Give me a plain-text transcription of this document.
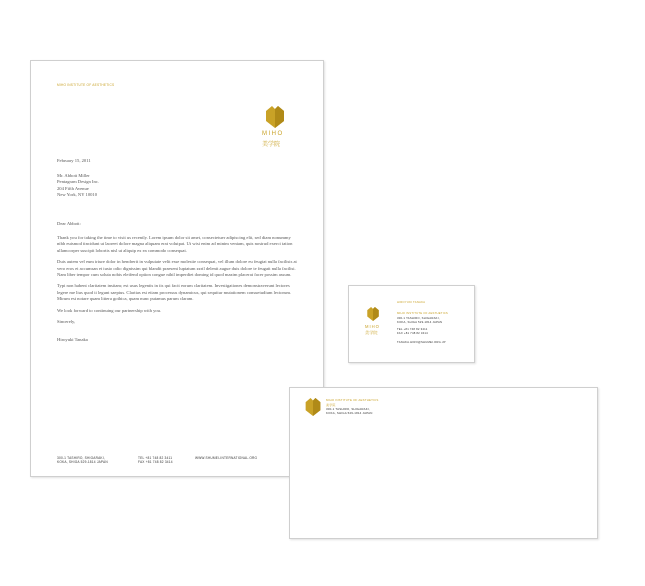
MIHO INSTITUTE OF AESTHETICS
MIHO
美学院
February 15, 2011
Mr. Abbott Miller
Pentagram Design Inc.
204 Fifth Avenue
New York, NY 10010
Dear Abbott:

Thank you for taking the time to visit us recently. Lorem ipsum dolor sit amet, consectetuer adipiscing elit, sed diam nonummy nibh euismod tincidunt ut laoreet dolore magna aliquam erat volutpat. Ut wisi enim ad minim veniam, quis nostrud exerci tation ullamcorper suscipit lobortis nisl ut aliquip ex ea commodo consequat.

Duis autem vel eum iriure dolor in hendrerit in vulputate velit esse molestie consequat, vel illum dolore eu feugiat nulla facilisis at vero eros et accumsan et iusto odio dignissim qui blandit praesent luptatum zzril delenit augue duis dolore te feugait nulla facilisi. Nam liber tempor cum soluta nobis eleifend option congue nihil imperdiet doming id quod mazim placerat facer possim assum.

Typi non habent claritatem insitam; est usus legentis in iis qui facit eorum claritatem. Investigationes demonstraverunt lectores legere me lius quod ii legunt saepius. Claritas est etiam processus dynamicus, qui sequitur mutationem consuetudium lectorum. Mirum est notare quam littera gothica, quam nunc putamus parum claram.

We look forward to continuing our partnership with you.

Sincerely,

Hiroyuki Tanaka

300-1 TASHIRO, SHIGARAKI,
KOKA, SHIGA 529-1814 JAPAN
TEL +81 748 82 3411
FAX +81 748 82 3414
WWW.SHUMEI-INTERNATIONAL.ORG
MIHO
美学院
HIROYUKI TANAKA
MIHO INSTITUTE OF AESTHETICS
300-1 TASHIRO, SHIGARAKI,
KOKA, SHIGA 529-1814 JAPAN
TEL +81 748 82 3411
FAX +81 748 82 3414
TANAKA.HIRO@SHUMEI.ORG.JP
MIHO INSTITUTE OF AESTHETICS
美学院
300-1 TASHIRO, SHIGARAKI,
KOKA, SHIGA 529-1814 JAPAN
